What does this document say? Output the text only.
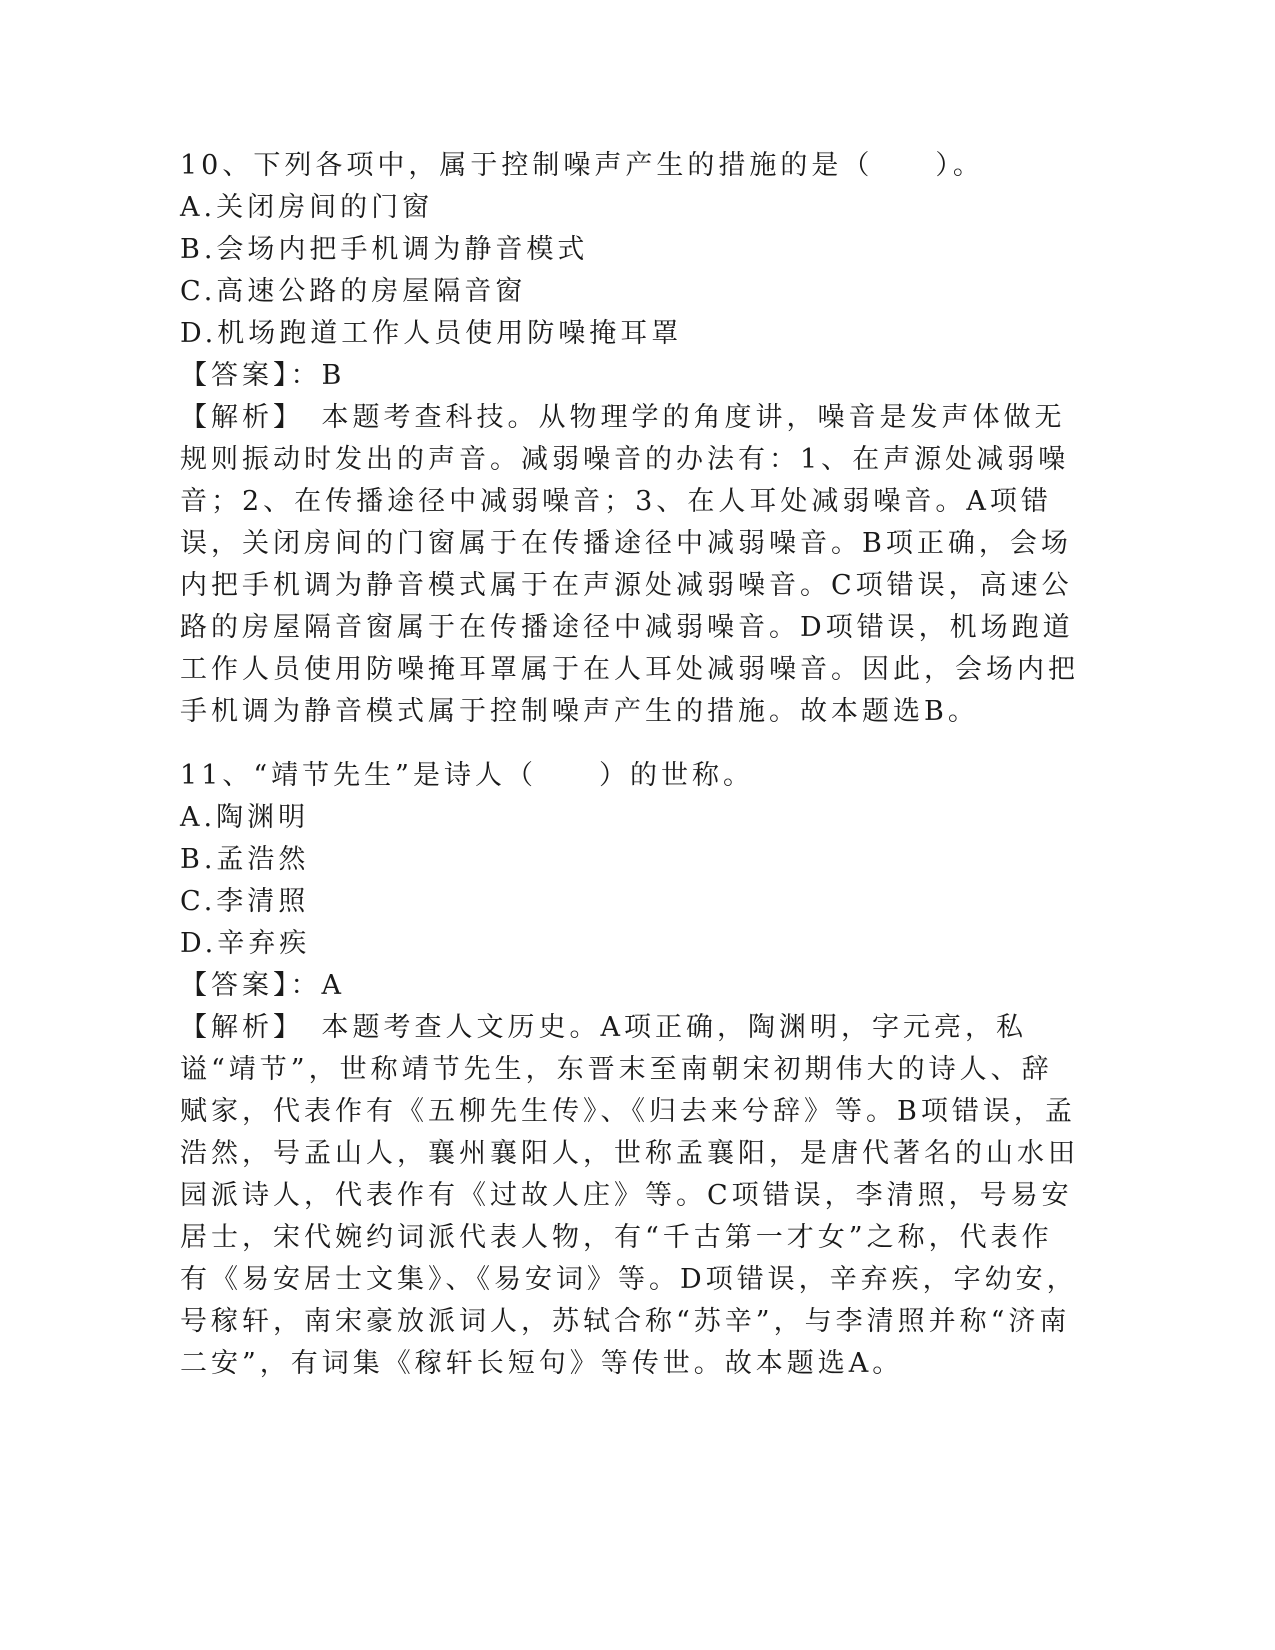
10、下列各项中，属于控制噪声产生的措施的是（　　）。
A.关闭房间的门窗
B.会场内把手机调为静音模式
C.高速公路的房屋隔音窗
D.机场跑道工作人员使用防噪掩耳罩
【答案】：B
【解析】　本题考查科技。从物理学的角度讲，噪音是发声体做无规则振动时发出的声音。减弱噪音的办法有：1、在声源处减弱噪音；2、在传播途径中减弱噪音；3、在人耳处减弱噪音。A项错误，关闭房间的门窗属于在传播途径中减弱噪音。B项正确，会场内把手机调为静音模式属于在声源处减弱噪音。C项错误，高速公路的房屋隔音窗属于在传播途径中减弱噪音。D项错误，机场跑道工作人员使用防噪掩耳罩属于在人耳处减弱噪音。因此，会场内把手机调为静音模式属于控制噪声产生的措施。故本题选B。
11、“靖节先生”是诗人（　　）的世称。
A.陶渊明
B.孟浩然
C.李清照
D.辛弃疾
【答案】：A
【解析】　本题考查人文历史。A项正确，陶渊明，字元亮，私谥“靖节”，世称靖节先生，东晋末至南朝宋初期伟大的诗人、辞赋家，代表作有《五柳先生传》、《归去来兮辞》等。B项错误，孟浩然，号孟山人，襄州襄阳人，世称孟襄阳，是唐代著名的山水田园派诗人，代表作有《过故人庄》等。C项错误，李清照，号易安居士，宋代婉约词派代表人物，有“千古第一才女”之称，代表作有《易安居士文集》、《易安词》等。D项错误，辛弃疾，字幼安，号稼轩，南宋豪放派词人，苏轼合称“苏辛”，与李清照并称“济南二安”，有词集《稼轩长短句》等传世。故本题选A。
